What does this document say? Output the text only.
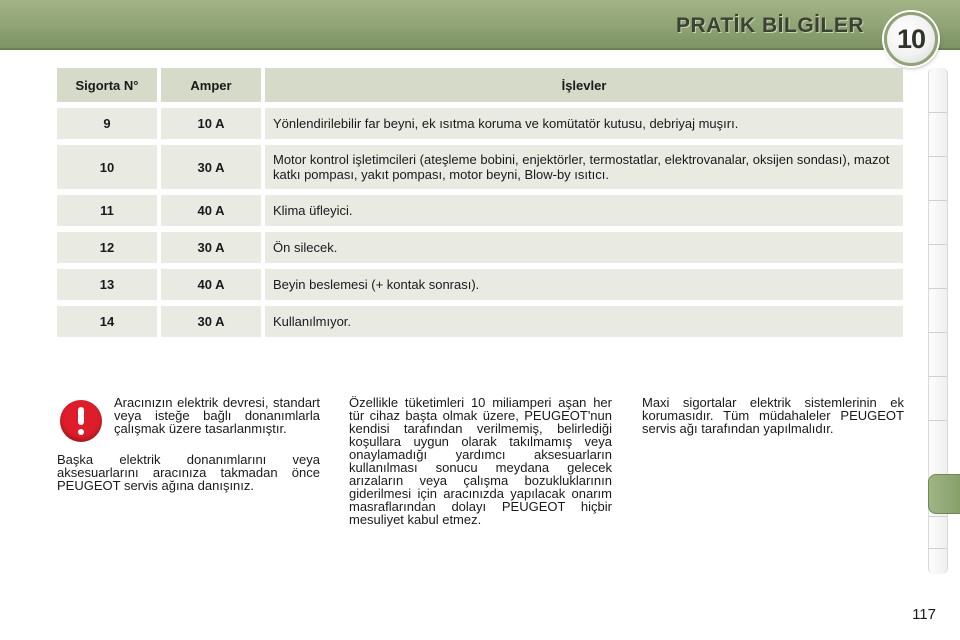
PRATİK BİLGİLER 10
Sigorta N°	Amper	İşlevler
9	10 A	Yönlendirilebilir far beyni, ek ısıtma koruma ve komütatör kutusu, debriyaj muşırı.
10	30 A	Motor kontrol işletimcileri (ateşleme bobini, enjektörler, termostatlar, elektrovanalar, oksijen sondası), mazot katkı pompası, yakıt pompası, motor beyni, Blow-by ısıtıcı.
11	40 A	Klima üfleyici.
12	30 A	Ön silecek.
13	40 A	Beyin beslemesi (+ kontak sonrası).
14	30 A	Kullanılmıyor.

Aracınızın elektrik devresi, standart veya isteğe bağlı donanımlarla çalışmak üzere tasarlanmıştır.

Başka elektrik donanımlarını veya aksesuarlarını aracınıza takmadan önce PEUGEOT servis ağına danışınız.

Özellikle tüketimleri 10 miliamperi aşan her tür cihaz başta olmak üzere, PEUGEOT'nun kendisi tarafından verilmemiş, belirlediği koşullara uygun olarak takılmamış veya onaylamadığı yardımcı aksesuarların kullanılması sonucu meydana gelecek arızaların veya çalışma bozukluklarının giderilmesi için aracınızda yapılacak onarım masraflarından dolayı PEUGEOT hiçbir mesuliyet kabul etmez.

Maxi sigortalar elektrik sistemlerinin ek korumasıdır. Tüm müdahaleler PEUGEOT servis ağı tarafından yapılmalıdır.

117
